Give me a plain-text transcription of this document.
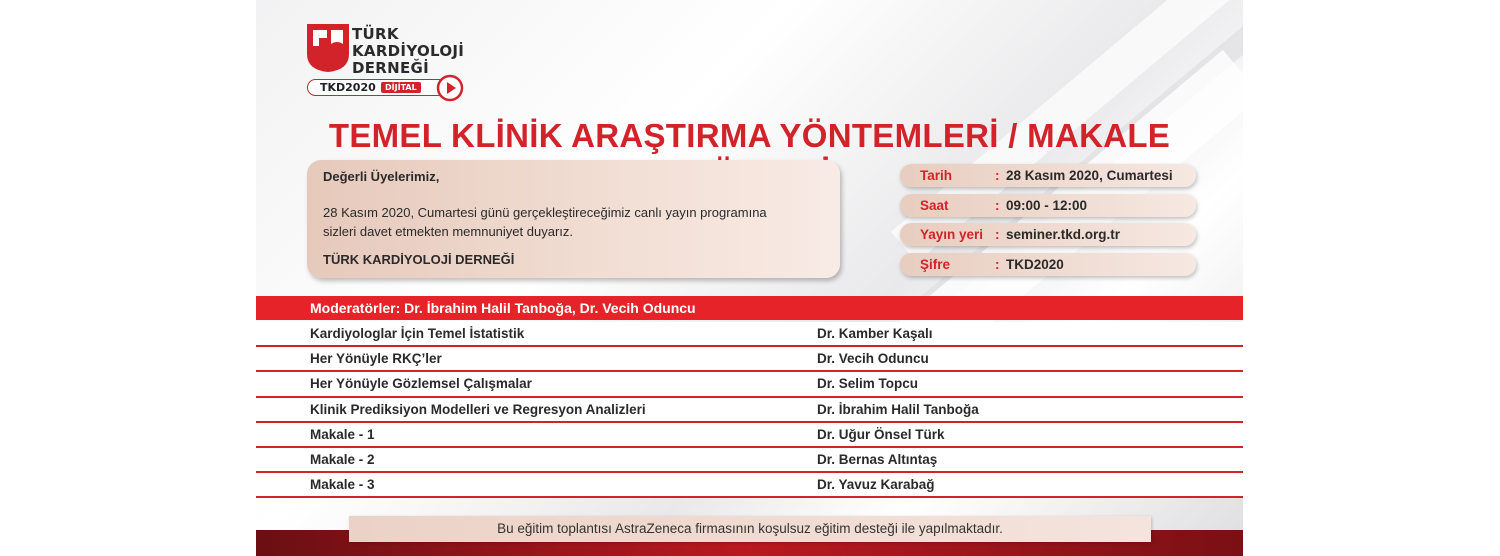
TÜRK
KARDİYOLOJİ
DERNEĞİ
TKD2020	DİJİTAL
TEMEL KLİNİK ARAŞTIRMA YÖNTEMLERİ / MAKALE
Değerli Üyelerimiz,
28 Kasım 2020, Cumartesi günü gerçekleştireceğimiz canlı yayın programına sizleri davet etmekten memnuniyet duyarız.
TÜRK KARDİYOLOJİ DERNEĞİ
Tarih	: 28 Kasım 2020, Cumartesi
Saat	: 09:00 - 12:00
Yayın yeri : seminer.tkd.org.tr
Şifre	: TKD2020
Moderatörler: Dr. İbrahim Halil Tanboğa, Dr. Vecih Oduncu
Kardiyologlar İçin Temel İstatistik	Dr. Kamber Kaşalı
Her Yönüyle RKÇ’ler	Dr. Vecih Oduncu
Her Yönüyle Gözlemsel Çalışmalar	Dr. Selim Topcu
Klinik Prediksiyon Modelleri ve Regresyon Analizleri	Dr. İbrahim Halil Tanboğa
Makale - 1	Dr. Uğur Önsel Türk
Makale - 2	Dr. Bernas Altıntaş
Makale - 3	Dr. Yavuz Karabağ
Bu eğitim toplantısı AstraZeneca firmasının koşulsuz eğitim desteği ile yapılmaktadır.
